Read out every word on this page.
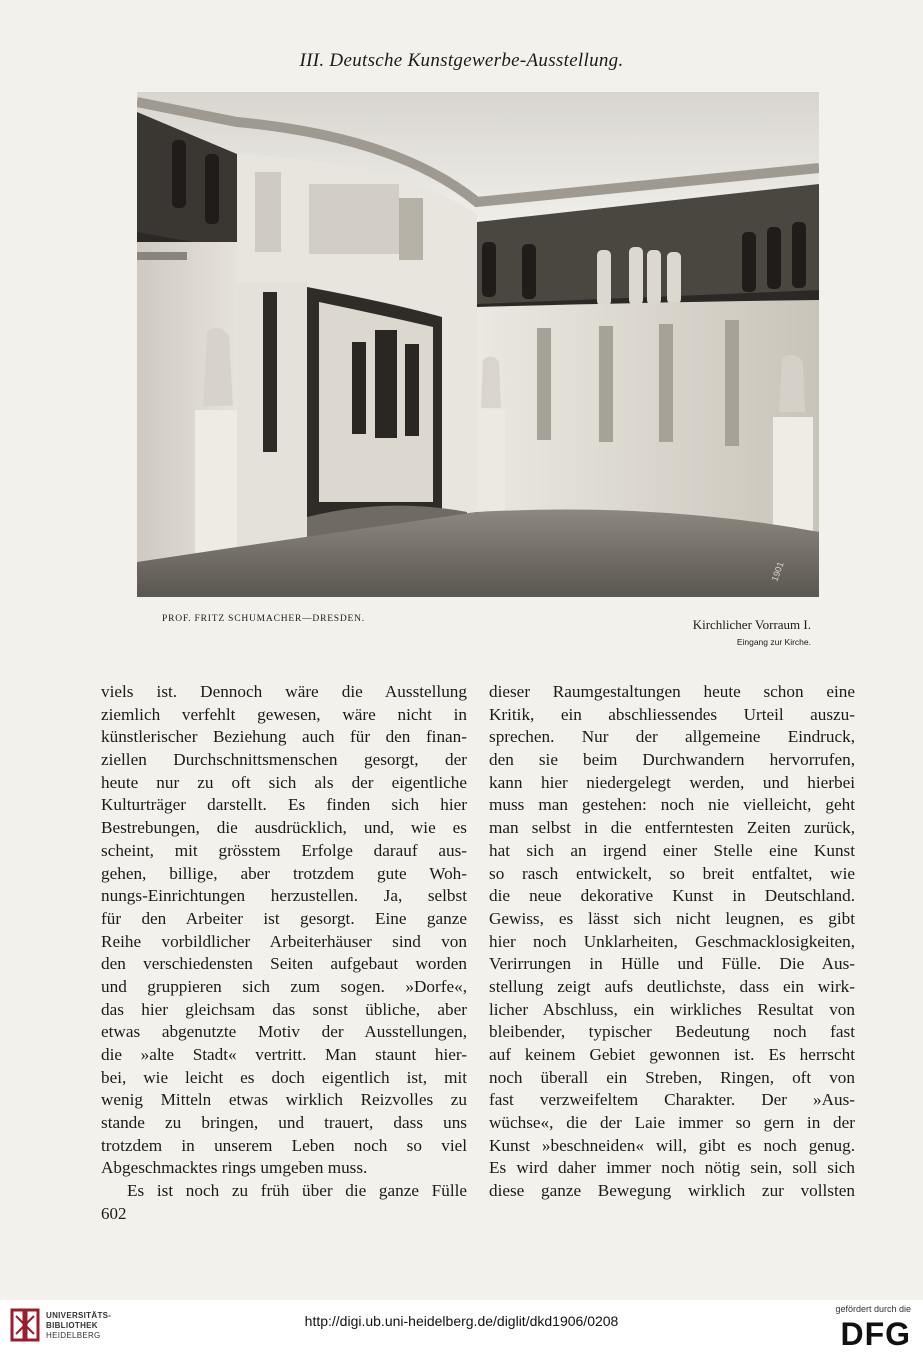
III. Deutsche Kunstgewerbe-Ausstellung.
1901
PROF. FRITZ SCHUMACHER—DRESDEN.	Kirchlicher Vorraum I.
Eingang zur Kirche.
viels ist. Dennoch wäre die Ausstellung
ziemlich verfehlt gewesen, wäre nicht in
künstlerischer Beziehung auch für den finan-
ziellen Durchschnittsmenschen gesorgt, der
heute nur zu oft sich als der eigentliche
Kulturträger darstellt. Es finden sich hier
Bestrebungen, die ausdrücklich, und, wie es
scheint, mit grösstem Erfolge darauf aus-
gehen, billige, aber trotzdem gute Woh-
nungs-Einrichtungen herzustellen. Ja, selbst
für den Arbeiter ist gesorgt. Eine ganze
Reihe vorbildlicher Arbeiterhäuser sind von
den verschiedensten Seiten aufgebaut worden
und gruppieren sich zum sogen. »Dorfe«,
das hier gleichsam das sonst übliche, aber
etwas abgenutzte Motiv der Ausstellungen,
die »alte Stadt« vertritt. Man staunt hier-
bei, wie leicht es doch eigentlich ist, mit
wenig Mitteln etwas wirklich Reizvolles zu
stande zu bringen, und trauert, dass uns
trotzdem in unserem Leben noch so viel
Abgeschmacktes rings umgeben muss.
Es ist noch zu früh über die ganze Fülle
dieser Raumgestaltungen heute schon eine
Kritik, ein abschliessendes Urteil auszu-
sprechen. Nur der allgemeine Eindruck,
den sie beim Durchwandern hervorrufen,
kann hier niedergelegt werden, und hierbei
muss man gestehen: noch nie vielleicht, geht
man selbst in die entferntesten Zeiten zurück,
hat sich an irgend einer Stelle eine Kunst
so rasch entwickelt, so breit entfaltet, wie
die neue dekorative Kunst in Deutschland.
Gewiss, es lässt sich nicht leugnen, es gibt
hier noch Unklarheiten, Geschmacklosigkeiten,
Verirrungen in Hülle und Fülle. Die Aus-
stellung zeigt aufs deutlichste, dass ein wirk-
licher Abschluss, ein wirkliches Resultat von
bleibender, typischer Bedeutung noch fast
auf keinem Gebiet gewonnen ist. Es herrscht
noch überall ein Streben, Ringen, oft von
fast verzweifeltem Charakter. Der »Aus-
wüchse«, die der Laie immer so gern in der
Kunst »beschneiden« will, gibt es noch genug.
Es wird daher immer noch nötig sein, soll sich
diese ganze Bewegung wirklich zur vollsten
602
UNIVERSITÄTS-
BIBLIOTHEK
HEIDELBERG
http://digi.ub.uni-heidelberg.de/diglit/dkd1906/0208
gefördert durch die
DFG
